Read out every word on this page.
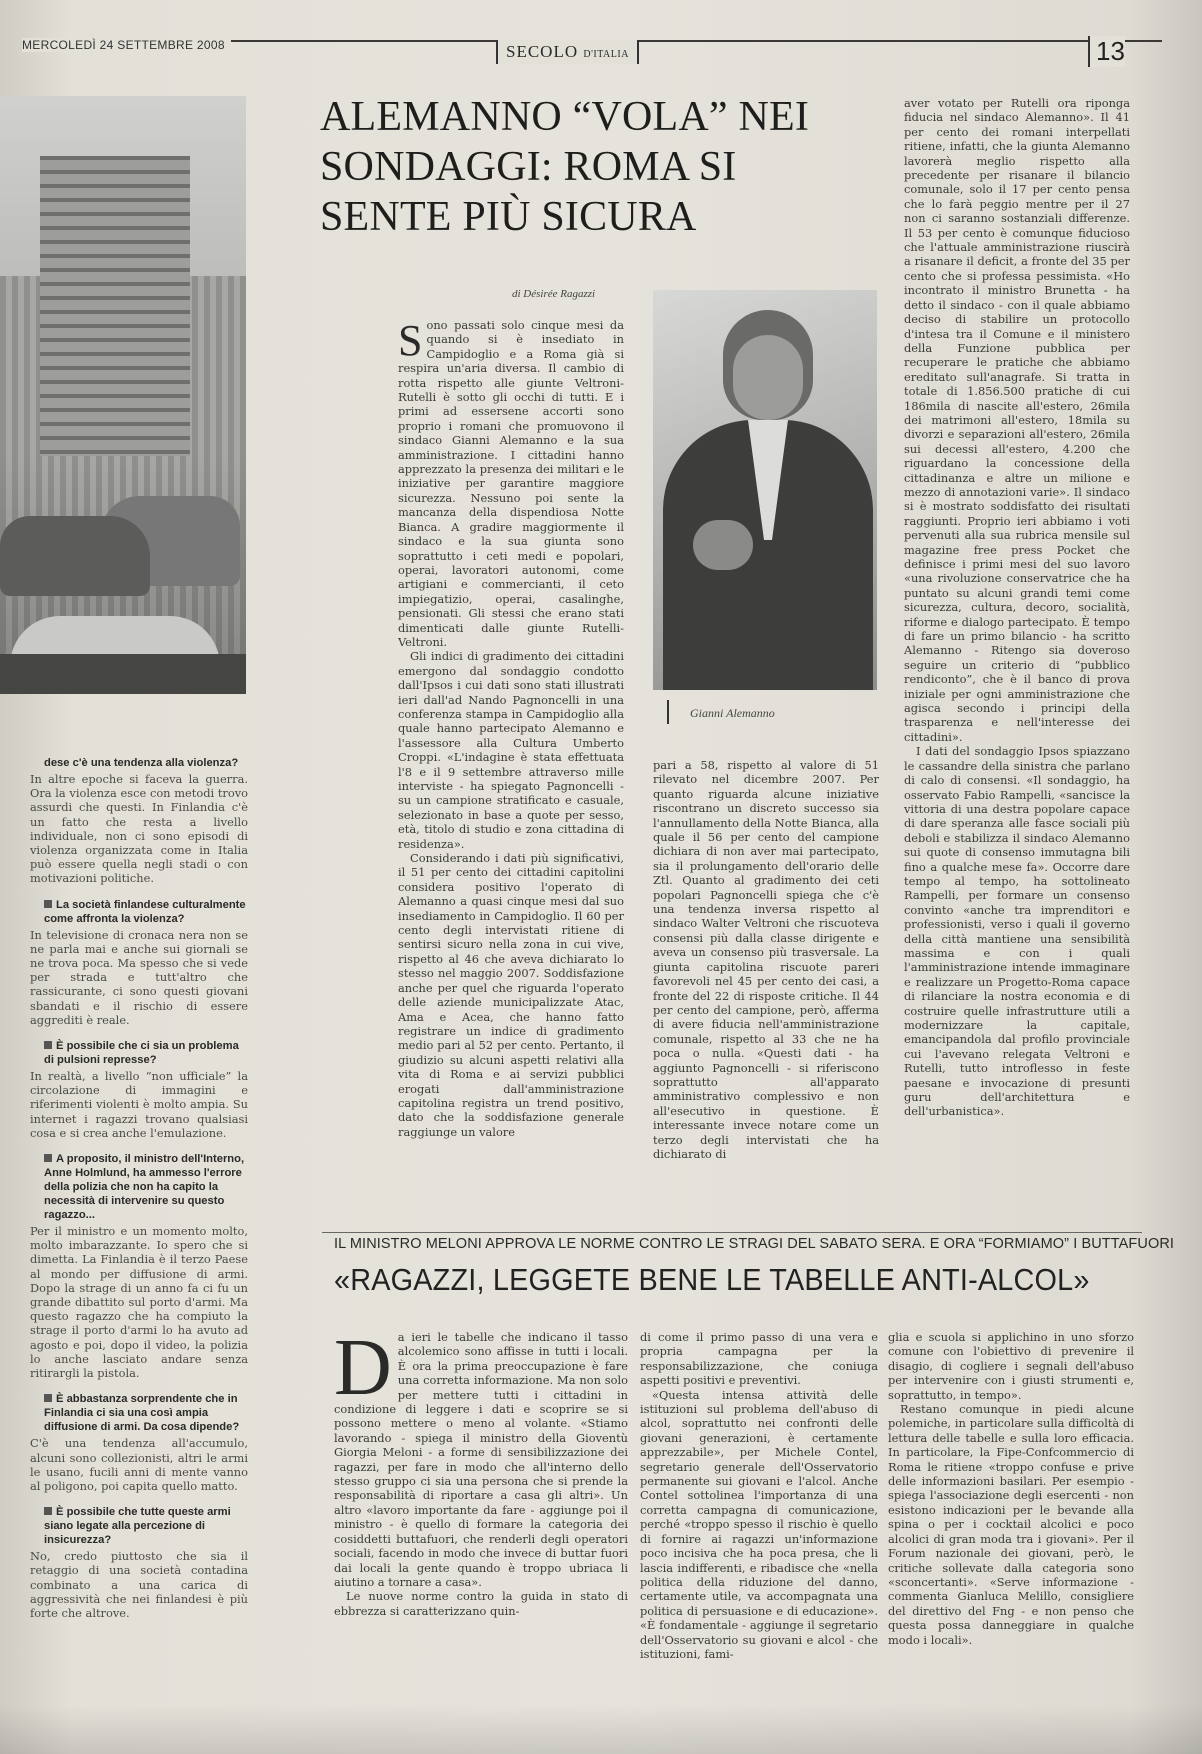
MERCOLEDÌ 24 SETTEMBRE 2008	SECOLO D'ITALIA	13
ALEMANNO “VOLA” NEI SONDAGGI: ROMA SI SENTE PIÙ SICURA
di Désirée Ragazzi

Sono passati solo cinque mesi da quando si è insediato in Campidoglio e a Roma già si respira un'aria diversa. Il cambio di rotta rispetto alle giunte Veltroni-Rutelli è sotto gli occhi di tutti. E i primi ad essersene accorti sono proprio i romani che promuovono il sindaco Gianni Alemanno e la sua amministrazione. I cittadini hanno apprezzato la presenza dei militari e le iniziative per garantire maggiore sicurezza. Nessuno poi sente la mancanza della dispendiosa Notte Bianca. A gradire maggiormente il sindaco e la sua giunta sono soprattutto i ceti medi e popolari, operai, lavoratori autonomi, come artigiani e commercianti, il ceto impiegatizio, operai, casalinghe, pensionati. Gli stessi che erano stati dimenticati dalle giunte Rutelli-Veltroni.

Gli indici di gradimento dei cittadini emergono dal sondaggio condotto dall'Ipsos i cui dati sono stati illustrati ieri dall'ad Nando Pagnoncelli in una conferenza stampa in Campidoglio alla quale hanno partecipato Alemanno e l'assessore alla Cultura Umberto Croppi. «L'indagine è stata effettuata l'8 e il 9 settembre attraverso mille interviste - ha spiegato Pagnoncelli - su un campione stratificato e casuale, selezionato in base a quote per sesso, età, titolo di studio e zona cittadina di residenza».

Considerando i dati più significativi, il 51 per cento dei cittadini capitolini considera positivo l'operato di Alemanno a quasi cinque mesi dal suo insediamento in Campidoglio. Il 60 per cento degli intervistati ritiene di sentirsi sicuro nella zona in cui vive, rispetto al 46 che aveva dichiarato lo stesso nel maggio 2007. Soddisfazione anche per quel che riguarda l'operato delle aziende municipalizzate Atac, Ama e Acea, che hanno fatto registrare un indice di gradimento medio pari al 52 per cento. Pertanto, il giudizio su alcuni aspetti relativi alla vita di Roma e ai servizi pubblici erogati dall'amministrazione capitolina registra un trend positivo, dato che la soddisfazione generale raggiunge un valore

Gianni Alemanno

pari a 58, rispetto al valore di 51 rilevato nel dicembre 2007. Per quanto riguarda alcune iniziative riscontrano un discreto successo sia l'annullamento della Notte Bianca, alla quale il 56 per cento del campione dichiara di non aver mai partecipato, sia il prolungamento dell'orario delle Ztl. Quanto al gradimento dei ceti popolari Pagnoncelli spiega che c'è una tendenza inversa rispetto al sindaco Walter Veltroni che riscuoteva consensi più dalla classe dirigente e aveva un consenso più trasversale. La giunta capitolina riscuote pareri favorevoli nel 45 per cento dei casi, a fronte del 22 di risposte critiche. Il 44 per cento del campione, però, afferma di avere fiducia nell'amministrazione comunale, rispetto al 33 che ne ha poca o nulla. «Questi dati - ha aggiunto Pagnoncelli - si riferiscono soprattutto all'apparato amministrativo complessivo e non all'esecutivo in questione. È interessante invece notare come un terzo degli intervistati che ha dichiarato di

aver votato per Rutelli ora riponga fiducia nel sindaco Alemanno». Il 41 per cento dei romani interpellati ritiene, infatti, che la giunta Alemanno lavorerà meglio rispetto alla precedente per risanare il bilancio comunale, solo il 17 per cento pensa che lo farà peggio mentre per il 27 non ci saranno sostanziali differenze. Il 53 per cento è comunque fiducioso che l'attuale amministrazione riuscirà a risanare il deficit, a fronte del 35 per cento che si professa pessimista. «Ho incontrato il ministro Brunetta - ha detto il sindaco - con il quale abbiamo deciso di stabilire un protocollo d'intesa tra il Comune e il ministero della Funzione pubblica per recuperare le pratiche che abbiamo ereditato sull'anagrafe. Si tratta in totale di 1.856.500 pratiche di cui 186mila di nascite all'estero, 26mila dei matrimoni all'estero, 18mila su divorzi e separazioni all'estero, 26mila sui decessi all'estero, 4.200 che riguardano la concessione della cittadinanza e altre un milione e mezzo di annotazioni varie». Il sindaco si è mostrato soddisfatto dei risultati raggiunti. Proprio ieri abbiamo i voti pervenuti alla sua rubrica mensile sul magazine free press Pocket che definisce i primi mesi del suo lavoro «una rivoluzione conservatrice che ha puntato su alcuni grandi temi come sicurezza, cultura, decoro, socialità, riforme e dialogo partecipato. È tempo di fare un primo bilancio - ha scritto Alemanno - Ritengo sia doveroso seguire un criterio di “pubblico rendiconto”, che è il banco di prova iniziale per ogni amministrazione che agisca secondo i principi della trasparenza e nell'interesse dei cittadini».

I dati del sondaggio Ipsos spiazzano le cassandre della sinistra che parlano di calo di consensi. «Il sondaggio, ha osservato Fabio Rampelli, «sancisce la vittoria di una destra popolare capace di dare speranza alle fasce sociali più deboli e stabilizza il sindaco Alemanno sui quote di consenso immutagna bili fino a qualche mese fa». Occorre dare tempo al tempo, ha sottolineato Rampelli, per formare un consenso convinto «anche tra imprenditori e professionisti, verso i quali il governo della città mantiene una sensibilità massima e con i quali l'amministrazione intende immaginare e realizzare un Progetto-Roma capace di rilanciare la nostra economia e di costruire quelle infrastrutture utili a modernizzare la capitale, emancipandola dal profilo provinciale cui l'avevano relegata Veltroni e Rutelli, tutto introflesso in feste paesane e invocazione di presunti guru dell'architettura e dell'urbanistica».

dese c'è una tendenza alla violenza?
In altre epoche si faceva la guerra. Ora la violenza esce con metodi trovo assurdi che questi. In Finlandia c'è un fatto che resta a livello individuale, non ci sono episodi di violenza organizzata come in Italia può essere quella negli stadi o con motivazioni politiche.
La società finlandese culturalmente come affronta la violenza?
In televisione di cronaca nera non se ne parla mai e anche sui giornali se ne trova poca. Ma spesso che si vede per strada e tutt'altro che rassicurante, ci sono questi giovani sbandati e il rischio di essere aggrediti è reale.
È possibile che ci sia un problema di pulsioni represse?
In realtà, a livello “non ufficiale” la circolazione di immagini e riferimenti violenti è molto ampia. Su internet i ragazzi trovano qualsiasi cosa e si crea anche l'emulazione.
A proposito, il ministro dell'Interno, Anne Holmlund, ha ammesso l'errore della polizia che non ha capito la necessità di intervenire su questo ragazzo...
Per il ministro e un momento molto, molto imbarazzante. Io spero che si dimetta. La Finlandia è il terzo Paese al mondo per diffusione di armi. Dopo la strage di un anno fa ci fu un grande dibattito sul porto d'armi. Ma questo ragazzo che ha compiuto la strage il porto d'armi lo ha avuto ad agosto e poi, dopo il video, la polizia lo anche lasciato andare senza ritirargli la pistola.
È abbastanza sorprendente che in Finlandia ci sia una così ampia diffusione di armi. Da cosa dipende?
C'è una tendenza all'accumulo, alcuni sono collezionisti, altri le armi le usano, fucili anni di mente vanno al poligono, poi capita quello matto.
È possibile che tutte queste armi siano legate alla percezione di insicurezza?
No, credo piuttosto che sia il retaggio di una società contadina combinato a una carica di aggressività che nei finlandesi è più forte che altrove.
IL MINISTRO MELONI APPROVA LE NORME CONTRO LE STRAGI DEL SABATO SERA. E ORA “FORMIAMO” I BUTTAFUORI
«RAGAZZI, LEGGETE BENE LE TABELLE ANTI-ALCOL»

Da ieri le tabelle che indicano il tasso alcolemico sono affisse in tutti i locali. È ora la prima preoccupazione è fare una corretta informazione. Ma non solo per mettere tutti i cittadini in condizione di leggere i dati e scoprire se si possono mettere o meno al volante. «Stiamo lavorando - spiega il ministro della Gioventù Giorgia Meloni - a forme di sensibilizzazione dei ragazzi, per fare in modo che all'interno dello stesso gruppo ci sia una persona che si prende la responsabilità di riportare a casa gli altri». Un altro «lavoro importante da fare - aggiunge poi il ministro - è quello di formare la categoria dei cosiddetti buttafuori, che renderli degli operatori sociali, facendo in modo che invece di buttar fuori dai locali la gente quando è troppo ubriaca li aiutino a tornare a casa».

Le nuove norme contro la guida in stato di ebbrezza si caratterizzano quin-

di come il primo passo di una vera e propria campagna per la responsabilizzazione, che coniuga aspetti positivi e preventivi.

«Questa intensa attività delle istituzioni sul problema dell'abuso di alcol, soprattutto nei confronti delle giovani generazioni, è certamente apprezzabile», per Michele Contel, segretario generale dell'Osservatorio permanente sui giovani e l'alcol. Anche Contel sottolinea l'importanza di una corretta campagna di comunicazione, perché «troppo spesso il rischio è quello di fornire ai ragazzi un'informazione poco incisiva che ha poca presa, che li lascia indifferenti, e ribadisce che «nella politica della riduzione del danno, certamente utile, va accompagnata una politica di persuasione e di educazione». «È fondamentale - aggiunge il segretario dell'Osservatorio su giovani e alcol - che istituzioni, fami-

glia e scuola si applichino in uno sforzo comune con l'obiettivo di prevenire il disagio, di cogliere i segnali dell'abuso per intervenire con i giusti strumenti e, soprattutto, in tempo».

Restano comunque in piedi alcune polemiche, in particolare sulla difficoltà di lettura delle tabelle e sulla loro efficacia. In particolare, la Fipe-Confcommercio di Roma le ritiene «troppo confuse e prive delle informazioni basilari. Per esempio - spiega l'associazione degli esercenti - non esistono indicazioni per le bevande alla spina o per i cocktail alcolici e poco alcolici di gran moda tra i giovani». Per il Forum nazionale dei giovani, però, le critiche sollevate dalla categoria sono «sconcertanti». «Serve informazione - commenta Gianluca Melillo, consigliere del direttivo del Fng - e non penso che questa possa danneggiare in qualche modo i locali».
